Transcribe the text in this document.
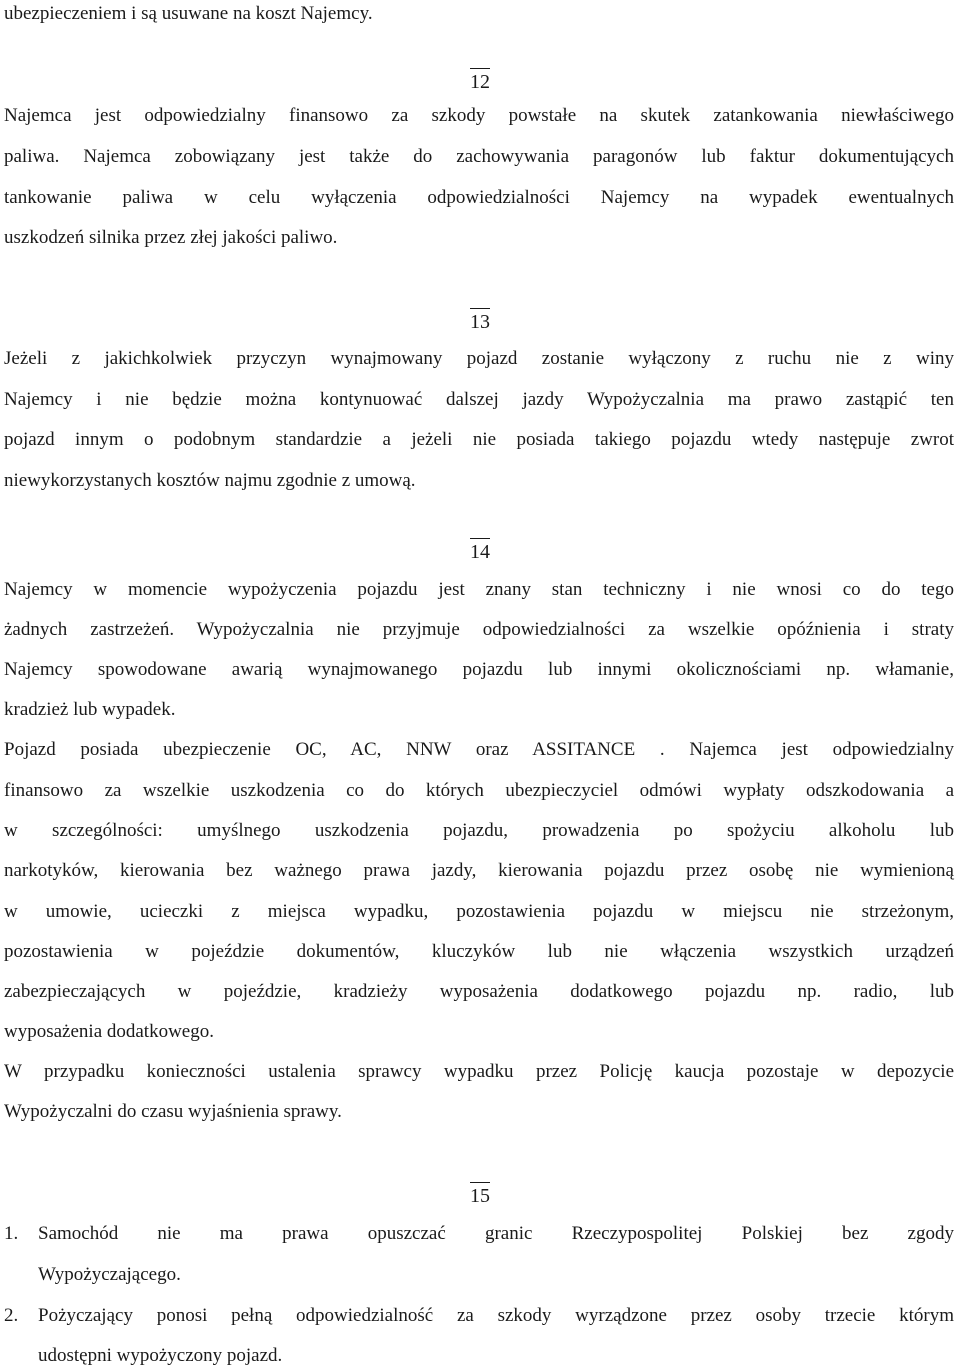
ubezpieczeniem i są usuwane na koszt Najemcy.
12
Najemca jest odpowiedzialny finansowo za szkody powstałe na skutek zatankowania niewłaściwego
paliwa. Najemca zobowiązany jest także do zachowywania paragonów lub faktur dokumentujących
tankowanie paliwa w celu wyłączenia odpowiedzialności Najemcy na wypadek ewentualnych
uszkodzeń silnika przez złej jakości paliwo.
13
Jeżeli z jakichkolwiek przyczyn wynajmowany pojazd zostanie wyłączony z ruchu nie z winy
Najemcy i nie będzie można kontynuować dalszej jazdy Wypożyczalnia ma prawo zastąpić ten
pojazd innym o podobnym standardzie a jeżeli nie posiada takiego pojazdu wtedy następuje zwrot
niewykorzystanych kosztów najmu zgodnie z umową.
14
Najemcy w momencie wypożyczenia pojazdu jest znany stan techniczny i nie wnosi co do tego
żadnych zastrzeżeń. Wypożyczalnia nie przyjmuje odpowiedzialności za wszelkie opóźnienia i straty
Najemcy spowodowane awarią wynajmowanego pojazdu lub innymi okolicznościami np. włamanie,
kradzież lub wypadek.
Pojazd posiada ubezpieczenie OC, AC, NNW oraz ASSITANCE . Najemca jest odpowiedzialny
finansowo za wszelkie uszkodzenia co do których ubezpieczyciel odmówi wypłaty odszkodowania a
w szczególności: umyślnego uszkodzenia pojazdu, prowadzenia po spożyciu alkoholu lub
narkotyków, kierowania bez ważnego prawa jazdy, kierowania pojazdu przez osobę nie wymienioną
w umowie, ucieczki z miejsca wypadku, pozostawienia pojazdu w miejscu nie strzeżonym,
pozostawienia w pojeździe dokumentów, kluczyków lub nie włączenia wszystkich urządzeń
zabezpieczających w pojeździe, kradzieży wyposażenia dodatkowego pojazdu np. radio, lub
wyposażenia dodatkowego.
W przypadku konieczności ustalenia sprawcy wypadku przez Policję kaucja pozostaje w depozycie
Wypożyczalni do czasu wyjaśnienia sprawy.
15
1. Samochód nie ma prawa opuszczać granic Rzeczypospolitej Polskiej bez zgody
Wypożyczającego.
2. Pożyczający ponosi pełną odpowiedzialność za szkody wyrządzone przez osoby trzecie którym
udostępni wypożyczony pojazd.
